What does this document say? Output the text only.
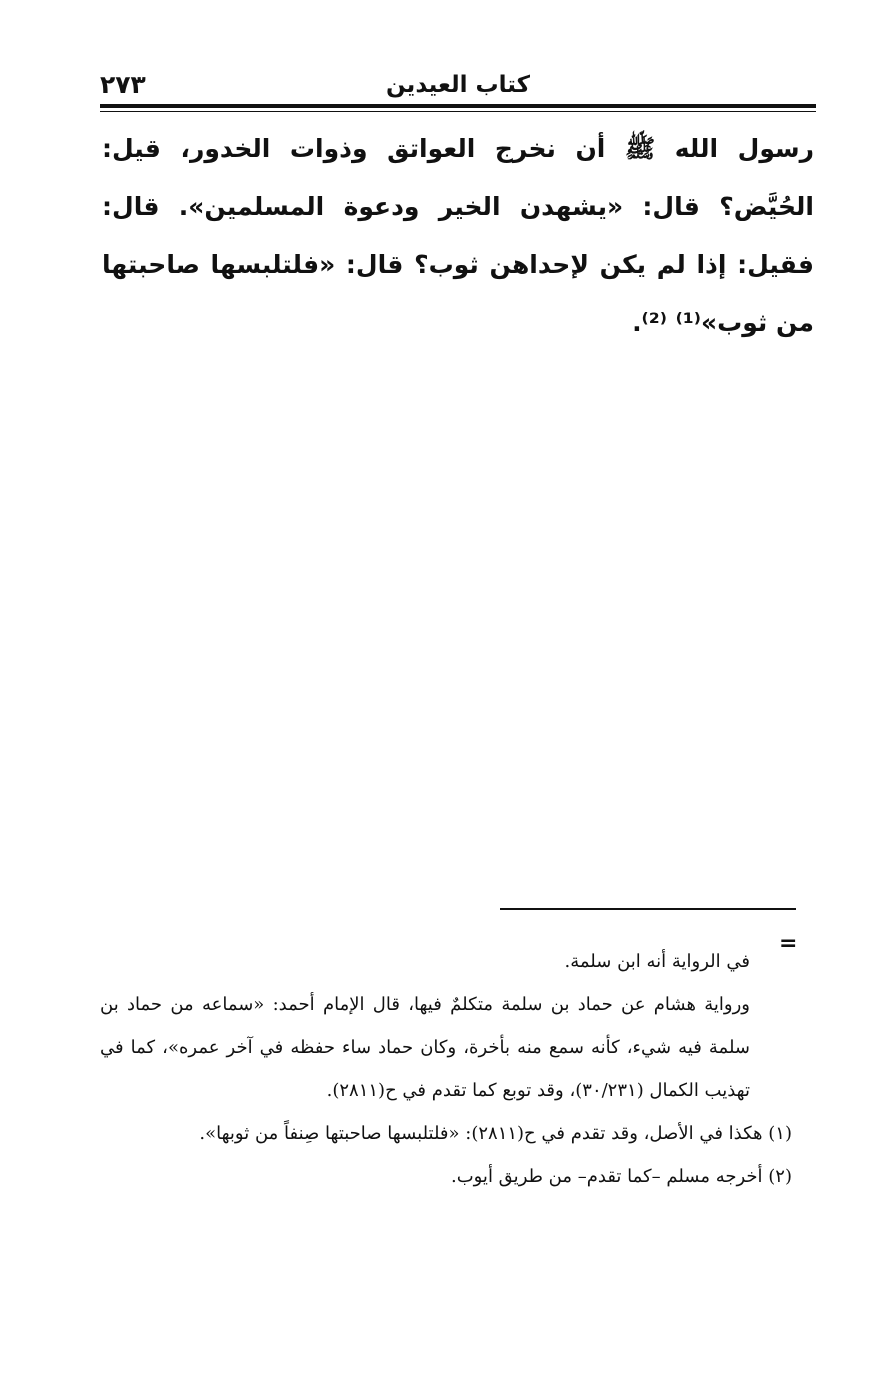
٢٧٣	كتاب العيدين

رسول الله ﷺ أن نخرج العواتق وذوات الخدور، قيل: الحُيَّض؟ قال: «يشهدن الخير ودعوة المسلمين». قال: فقيل: إذا لم يكن لإحداهن ثوب؟ قال: «فلتلبسها صاحبتها من ثوب»⁽¹⁾ ⁽²⁾.

=

في الرواية أنه ابن سلمة.

ورواية هشام عن حماد بن سلمة متكلمٌ فيها، قال الإمام أحمد: «سماعه من حماد بن سلمة فيه شيء، كأنه سمع منه بأخرة، وكان حماد ساء حفظه في آخر عمره»، كما في تهذيب الكمال (٣٠/٢٣١)، وقد توبع كما تقدم في ح(٢٨١١).

(١) هكذا في الأصل، وقد تقدم في ح(٢٨١١): «فلتلبسها صاحبتها صِنفاً من ثوبها».

(٢) أخرجه مسلم –كما تقدم– من طريق أيوب.
